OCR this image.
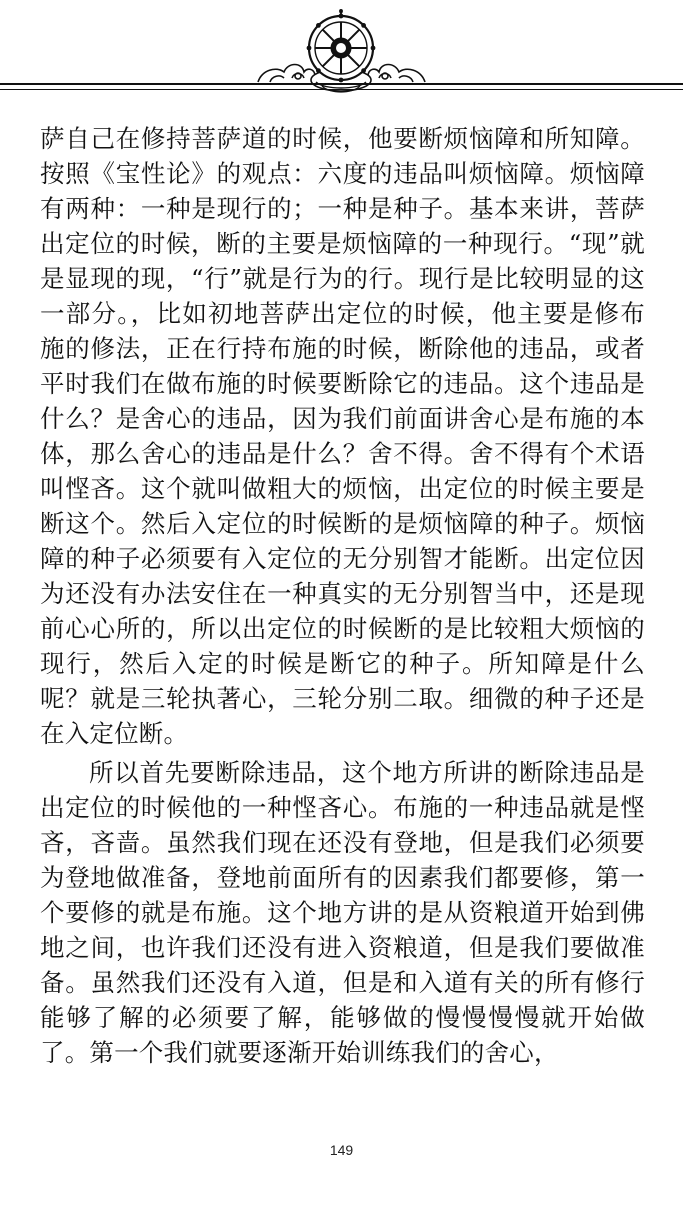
萨自己在修持菩萨道的时候，他要断烦恼障和所知障。按照《宝性论》的观点：六度的违品叫烦恼障。烦恼障有两种：一种是现行的；一种是种子。基本来讲，菩萨出定位的时候，断的主要是烦恼障的一种现行。“现”就是显现的现，“行”就是行为的行。现行是比较明显的这一部分。，比如初地菩萨出定位的时候，他主要是修布施的修法，正在行持布施的时候，断除他的违品，或者平时我们在做布施的时候要断除它的违品。这个违品是什么？是舍心的违品，因为我们前面讲舍心是布施的本体，那么舍心的违品是什么？舍不得。舍不得有个术语叫悭吝。这个就叫做粗大的烦恼，出定位的时候主要是断这个。然后入定位的时候断的是烦恼障的种子。烦恼障的种子必须要有入定位的无分别智才能断。出定位因为还没有办法安住在一种真实的无分别智当中，还是现前心心所的，所以出定位的时候断的是比较粗大烦恼的现行，然后入定的时候是断它的种子。所知障是什么呢？就是三轮执著心，三轮分别二取。细微的种子还是在入定位断。

所以首先要断除违品，这个地方所讲的断除违品是出定位的时候他的一种悭吝心。布施的一种违品就是悭吝，吝啬。虽然我们现在还没有登地，但是我们必须要为登地做准备，登地前面所有的因素我们都要修，第一个要修的就是布施。这个地方讲的是从资粮道开始到佛地之间，也许我们还没有进入资粮道，但是我们要做准备。虽然我们还没有入道，但是和入道有关的所有修行能够了解的必须要了解，能够做的慢慢慢慢就开始做了。第一个我们就要逐渐开始训练我们的舍心，

149
